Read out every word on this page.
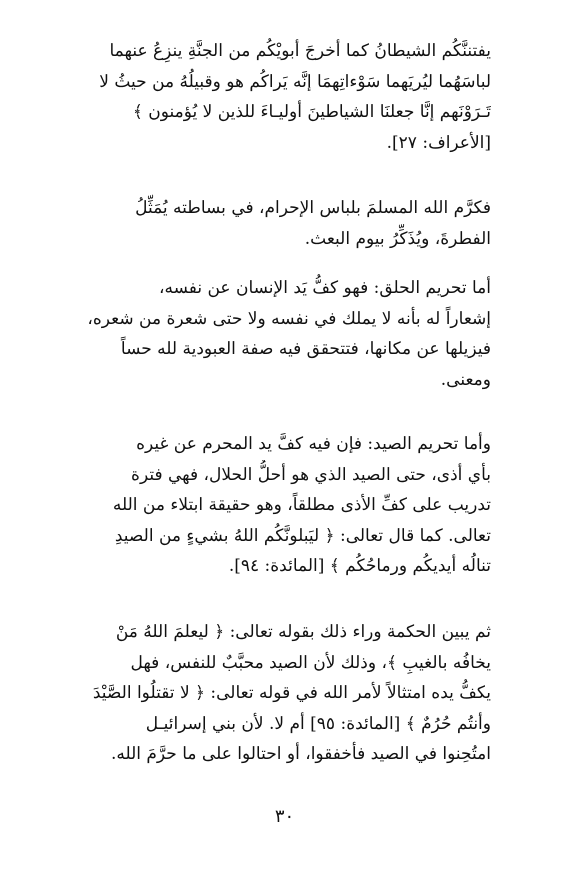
يفتننَّكُم الشيطانُ كما أخرجَ أبويْكُم من الجنَّةِ ينزِعُ عنهما
لباسَهُما ليُريَهما سَوْءاتِهمَا إنَّه يَراكُم هو وقبيلُهُ من حيثُ لا
تَـرَوْنَهم إنَّا جعلنَا الشياطينَ أوليـاءَ للذين لا يُؤمنون ﴾
[الأعراف: ٢٧].

فكرَّم الله المسلمَ بلباس الإحرام، في بساطته يُمَثِّلُ
الفطرةَ، ويُذَكِّرُ بيوم البعث.

أما تحريم الحلق: فهو كفُّ يَد الإنسان عن نفسه،
إشعاراً له بأنه لا يملك في نفسه ولا حتى شعرة من شعره،
فيزيلها عن مكانها، فتتحقق فيه صفة العبودية لله حساً
ومعنى.

وأما تحريم الصيد: فإن فيه كفَّ يد المحرم عن غيره
بأي أذى، حتى الصيد الذي هو أحلُّ الحلال، فهي فترة
تدريب على كفِّ الأذى مطلقاً، وهو حقيقة ابتلاء من الله
تعالى. كما قال تعالى: ﴿ ليَبلونَّكُم اللهُ بشيءٍ من الصيدِ
تنالُه أيديكُم ورماحُكُم ﴾ [المائدة: ٩٤].

ثم يبين الحكمة وراء ذلك بقوله تعالى: ﴿ ليعلمَ اللهُ مَنْ
يخافُه بالغيبِ ﴾، وذلك لأن الصيد محبَّبٌ للنفس، فهل
يكفُّ يده امتثالاً لأمر الله في قوله تعالى: ﴿ لا تقتلُوا الصَّيْدَ
وأنتُم حُرُمٌ ﴾ [المائدة: ٩٥] أم لا. لأن بني إسرائيـل
امتُحِنوا في الصيد فأخفقوا، أو احتالوا على ما حرَّمَ الله.

٣٠
